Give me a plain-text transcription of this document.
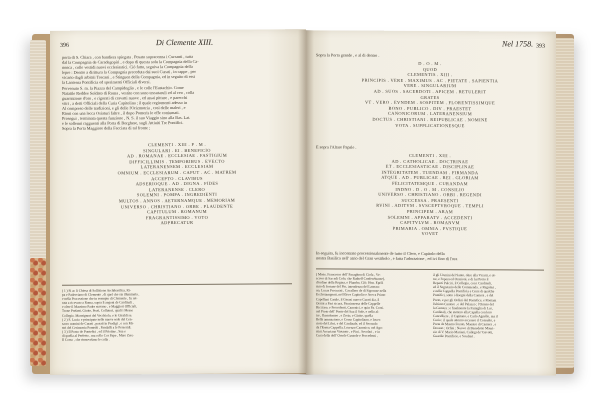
396	Di Clemente XIII.

porta di S. Chiara , con bandiera spiegata . Posato sopracenna i Curranti , tutta

dal la Compagnia de Caradegopiri , e dopo di questa solu la Compagnia della Ca-

nonca , colle vestidi nuovi ecclesiastici. Ciò fatto, seguiva la Compagnia della

lepre : Dentro a dirittura la Compagnia preceduta dai suoi Curati , in cappe , per

vicario dagli arbitrii Toscani , e Stinguen della Compagnia, ed in seguito di essi

la Lanterna Pontificia ed sperimenti Officiali diversi.

Pervenuto S. m. la Piazza del Campidoglio , e le colle l'Eustachio. Come

Natatile Reddee Soldato di Roma , vestito con sono tessutaruli ed al veo , colla

guarnizione d'oro , e rigorati di cravatti nuove , ed assai pitture , e parecchi

vitri , a detti Officiali della Curia Capitolina ; il quale regiomenti adesso in

Al compreso delle tradizioni, e gli delle l'Orizmotria , così delle maleri , e

Rioni con una lecca Osiaturi faltre , il dopo Pomeris le effe coniumati.

Proseguì , terminata questa funzione , N. S. il suo Viaggio sino alla Bas. Lat.

e le sollenni ragguenti alla Porta di Borghese, sugli Attiuiti Tre Pontifici.

Sopra la Porta Maggiore della Facciata di tal fronte ;

CLEMENTI . XIII . P . M .

SINGULARI . EI . BENEFICIO

AD . ROMANAE . ECCLESIAE . FASTIGIUM

DIFFICILLIMIS . TEMPORIBUS . EVECTO

LATERANENSEM . ECCLESIAM

OMNIUM . ECCLESIARUM . CAPUT . AC . MATREM

ACCEPTO . CLAVIBUS

ADSERIOQUE . AD . DIGNA . FIDES

LATERANENSE . CLERO

SOLEMNI . POMPA . INGREDIENTI

MULTOS . ANNOS . AETERNAMQUE . MEMORIAM

UNIVERSO . CHRISTIANO . ORBE . PLAUDENTE

CAPITULUM . ROMANUM

FRAGRANTISSIMO . VOTO

ADPRECATUR

( 1 ) Si ac li Chiesa di Sollizione Archibasilica, Ri-

pa e Paderviano di Clemente , di quel che sia illuminata ,

e nella Processione che in esempio di Clemente , fu ret-

rata a ricevuto a Roma, sopra li aegoni de Cardinali ,

e oltre il Massimo Padre stavano , e Maggiori Officiali,

Trone Prefatti, Gioite, Proti, Collutori, quali i Messe

Collegio. Monsignori del Vecchiolo, e lo Giraldi se.

( 2 ) S. Lucio e principate nelle nuove sede del Cen-

sacro uomini de Curati , posati in Prodigi , e con Mi-

stri del Cerimonia Ponteifi , Pandalfi a le Perseridi.

( 3 ) Il Posto de Pontefici , ed il Pristine , Sua e

di quella al Perfetto , ma collo Cor Pape , Mare Zero

Il Corso , che rinnovelano le colla .

Nel 1758. 393

Sopra la Porta grande , e al di dentro .

D . O . M .

QUOD

CLEMENTIS . XIII .

PRINCIPIS . VERE . MAXIMUS . AC . PIETATE . SAPIENTIA

VERE . SINGULARIUM

AD . SUOS . SACERDOTI . APICEM . RETULERIT

GRATES

VT . VERO . EVNDEM . SOSPITEM . FLORENTISSIMQUE

BONO . PUBLICO . DIV . PRAESTET

CANONICORUM . LATERANENSIUM

DOCTUS . CHRISTIANI . REIPUBLICAE . NOMINE

VOTA . SUPPLICATIONESQUE

E sopra l'Altare Papale .

CLEMENTI . XIII .

AD . CATHOLICAE . DOCTRINAE

ET . ECCLESIASTICAE . DISCIPLINAE

INTEGRITATEM . TUENDAM . FIRMANDA

ATQUE . AD . PUBLICAE . REI . GLORIAM

FELICITATEMQUE . CURANDAM

INDNO . D . O . M . CONSILIO

UNIVERSO . CHRISTIANO . ORBI . REGENDI

SUCCESSA . PRAESENTI

RVINI . ADITVM . SVSCEPTVROQUE . TEMPLI

PRINCIPEM . ARAM

SOLEMNI . APPARATV . ACCEDENTI

CAPITVLVM . ROMANVM

PRIMARIA . OMNIA . FVSTIQUE

VOVET

In-seguita, fu incontrato processionalmente de tutto il Clero, e Capitolo della

nostra Basilica nell' atrio del Gran vestibolo , e fatta l'adorazione , ed ivi fino di l'ora

( Mons. Francesco dell' Pacaghon di Ciola , Ve-

scovo di Sar ndi Colo, che Ruthelf Conferebuone),

d'ordine della Regina, e Plumbo, Cifr. Hon. Eprili

sino di fortune del Pio, intendenza del Lateran-

no, Lucas Procurati , Cavallero de di Sigorone nella

Ecclesiamgenti, nel Eleve Capitolio e Aveva Primo

Capellani Casale, il Gerasi nuovo Curati 4ia, il

Orsini a Pari sicura, Paurionessa delle Cappelle

Ricciaro, e Precedenti, Canonici, e quin Pa. Corsi.

nel Proto dell' Ponte del Sua il Sole, e nello al-

tre , Bartolomeo , e Zerio, e Gioite, quella

Bella ammaziono, e Corso Capitoliano, e Inver-

rioto del Libri, e del Cardinale, ed il Secondo

da l'Eretta Cappella, Lorenzo Canonico, nel Ago-

stini Arcuriana Vietanto , e Pini , Secolari , e in

Cura della dell' Orsole Custode e Procedenti ,

il gli Uomini del Santo, oltre alla Vicarii, e ol-

tre, e l'opera ed Orazioni, e di lui Proto il

Reparti Pulciri, il Collegio, con i Cardinali,

ed il Segretario delle Commenda , e Regolari ,

e nella Cappella Pontificia e Corsi di qualche

Pontifici, sotto i disegni della Camera , e del

Porto, e per gli Ordini dal Pontefice, e Romani

l'ultimo Cantore , e del Palazzo ; l'Orsino del

la Camera ; e finalmente la Famiglia di Lui ,

Cardinali, che stettero alla Capella con loro

Cancelliere , il Capitano, e Carlo Agnello, ma il

Curia ; il quale attorno accesero il Consulto, e

Porta de Mastro Forato, Maestro di Camera , e

Decano ; Orfini ; Nuovo di Benedetto Mauri-

zio di V. Mario Mariani, Collegi de' Gavotti,

Guardie Pontificie, e Scudieri .
